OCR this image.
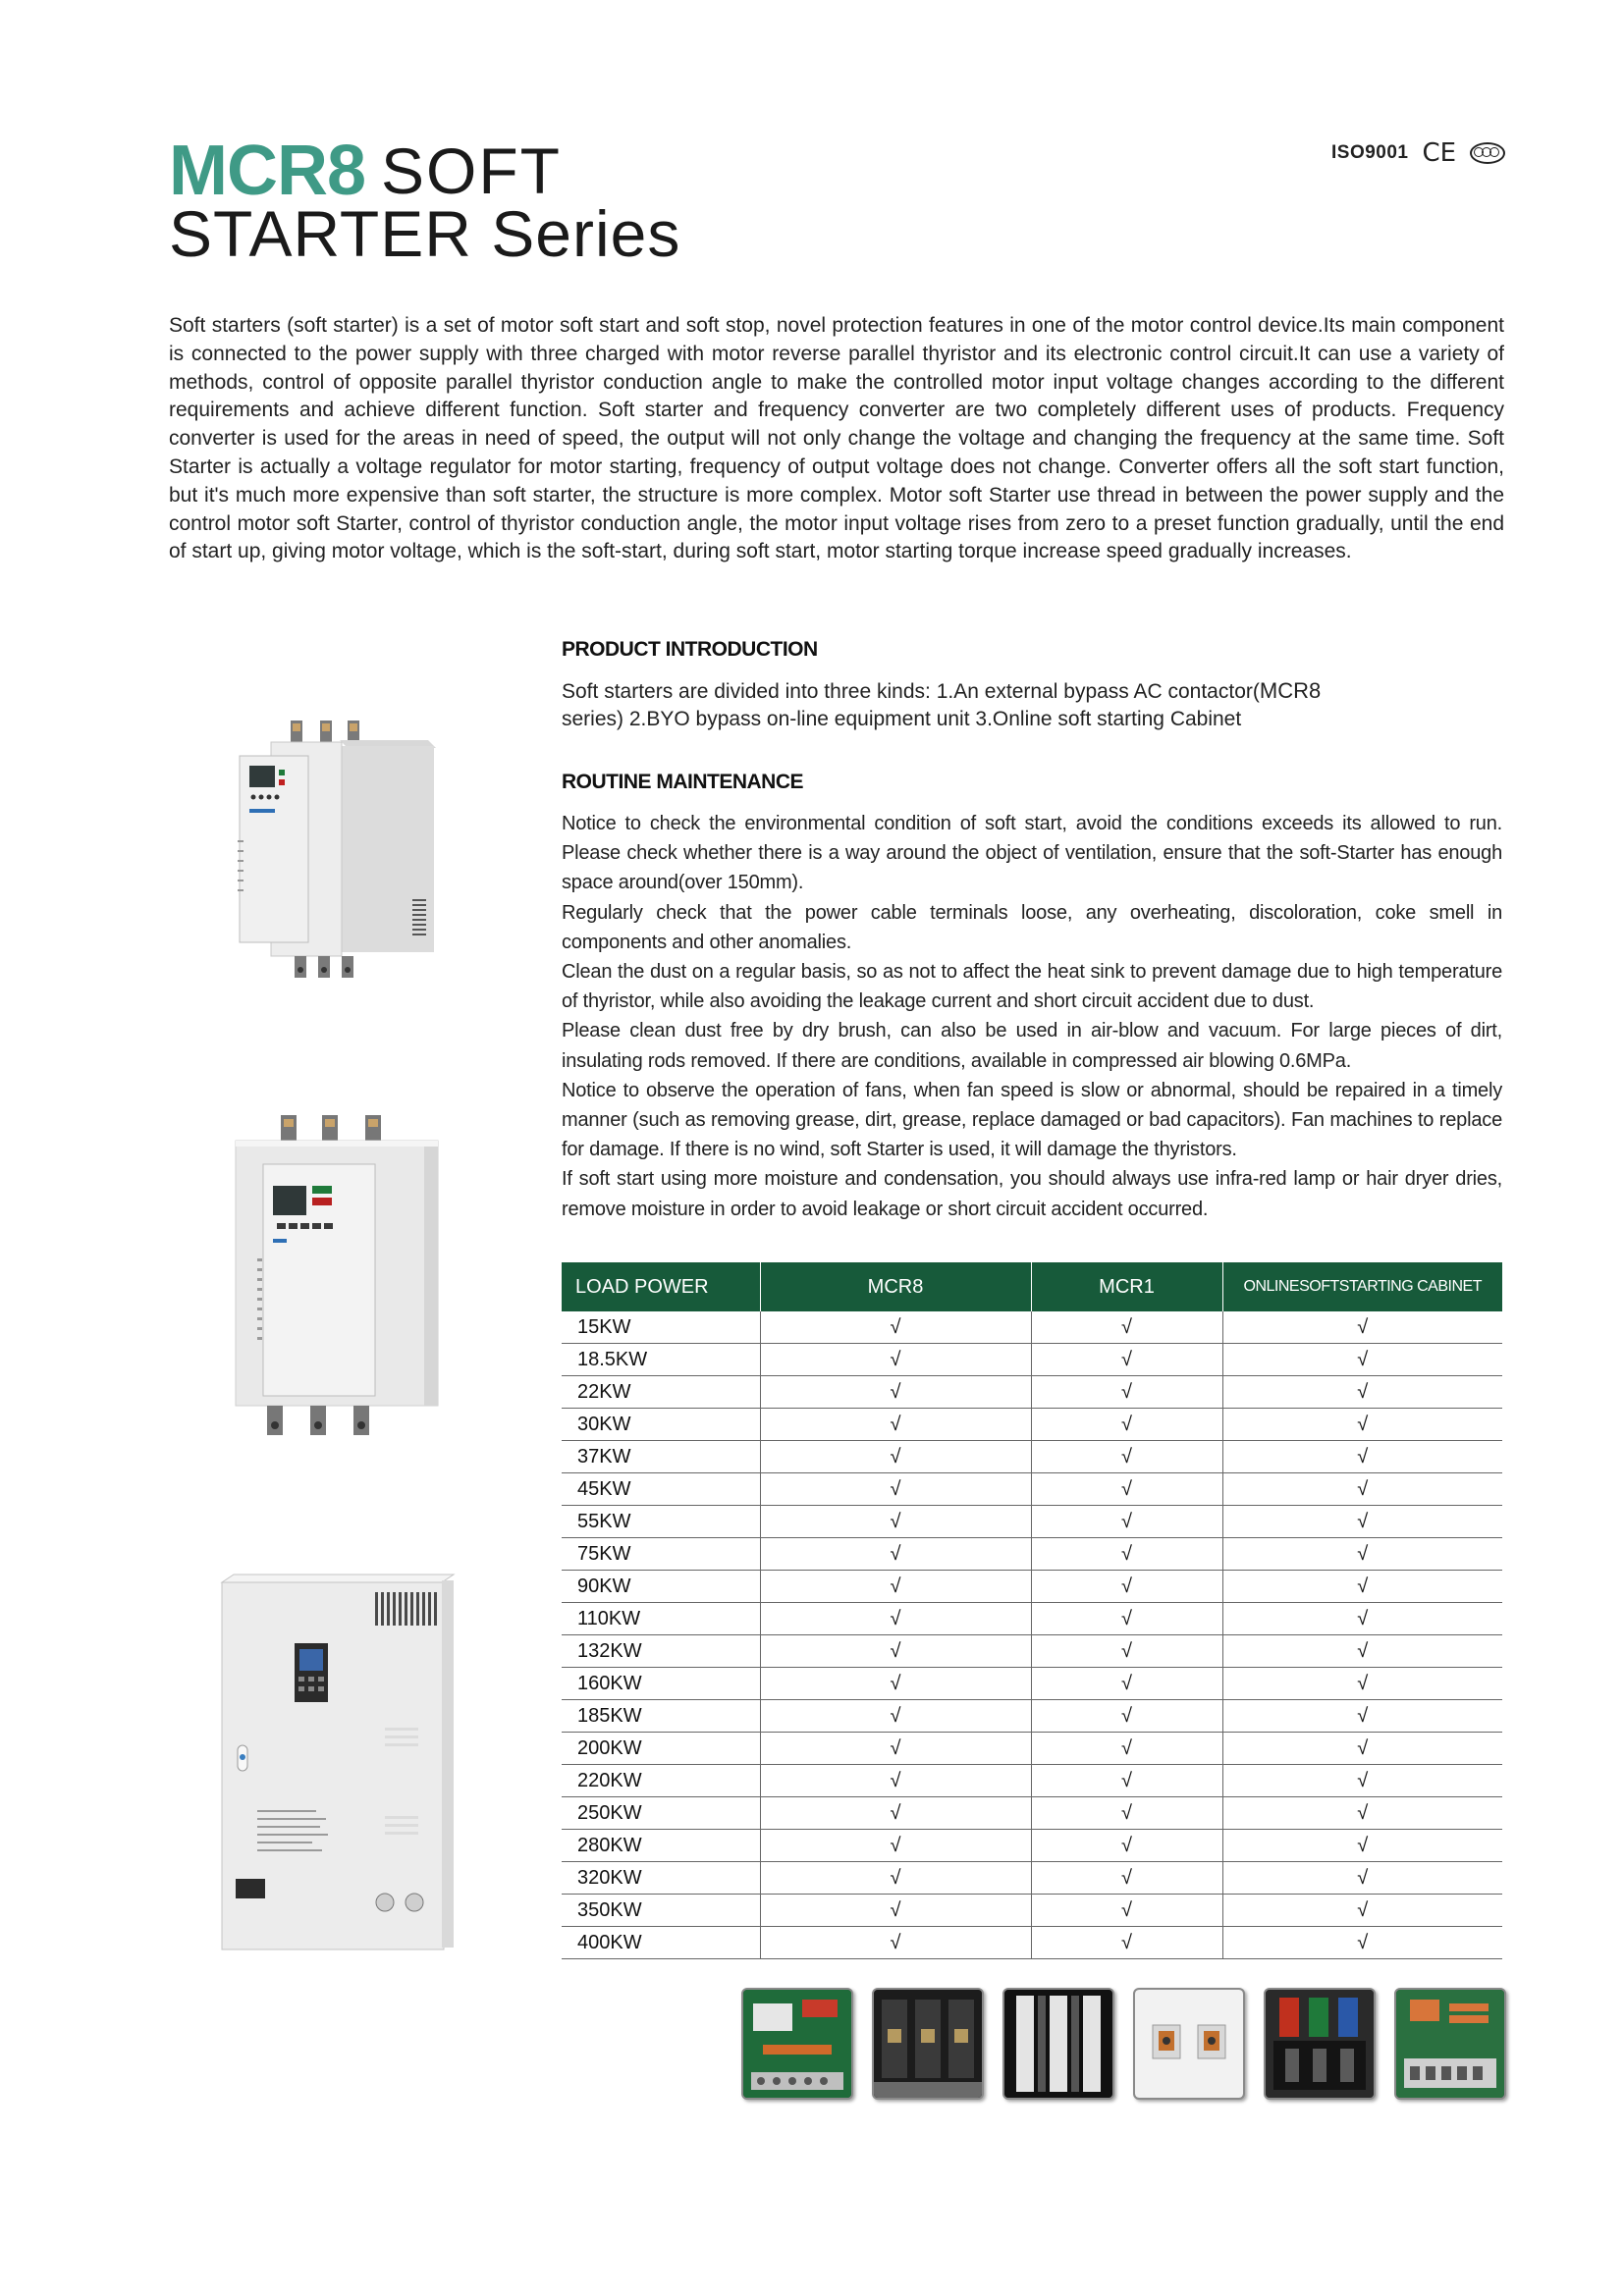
MCR8 SOFT
STARTER Series
ISO9001 CE

Soft starters (soft starter) is a set of motor soft start and soft stop, novel protection features in one of the motor control device.Its main component is connected to the power supply with three charged with motor reverse parallel thyristor and its electronic control circuit.It can use a variety of methods, control of opposite parallel thyristor conduction angle to make the controlled motor input voltage changes according to the different requirements and achieve different function. Soft starter and frequency converter are two completely different uses of products. Frequency converter is used for the areas in need of speed, the output will not only change the voltage and changing the frequency at the same time. Soft Starter is actually a voltage regulator for motor starting, frequency of output voltage does not change. Converter offers all the soft start function, but it's much more expensive than soft starter, the structure is more complex. Motor soft Starter use thread in between the power supply and the control motor soft Starter, control of thyristor conduction angle, the motor input voltage rises from zero to a preset function gradually, until the end of start up, giving motor voltage, which is the soft-start, during soft start, motor starting torque increase speed gradually increases.

PRODUCT INTRODUCTION

Soft starters are divided into three kinds: 1.An external bypass AC contactor(MCR8
series) 2.BYO bypass on-line equipment unit 3.Online soft starting Cabinet

ROUTINE MAINTENANCE

Notice to check the environmental condition of soft start, avoid the conditions exceeds its allowed to run. Please check whether there is a way around the object of ventilation, ensure that the soft-Starter has enough space around(over 150mm).

Regularly check that the power cable terminals loose, any overheating, discoloration, coke smell in components and other anomalies.

Clean the dust on a regular basis, so as not to affect the heat sink to prevent damage due to high temperature of thyristor, while also avoiding the leakage current and short circuit accident due to dust.

Please clean dust free by dry brush, can also be used in air-blow and vacuum. For large pieces of dirt, insulating rods removed. If there are conditions, available in compressed air blowing 0.6MPa.

Notice to observe the operation of fans, when fan speed is slow or abnormal, should be repaired in a timely manner (such as removing grease, dirt, grease, replace damaged or bad capacitors). Fan machines to replace for damage. If there is no wind, soft Starter is used, it will damage the thyristors.

If soft start using more moisture and condensation, you should always use infra-red lamp or hair dryer dries, remove moisture in order to avoid leakage or short circuit accident occurred.

LOAD POWER	MCR8	MCR1	ONLINESOFTSTARTING CABINET
15KW	√	√	√
18.5KW	√	√	√
22KW	√	√	√
30KW	√	√	√
37KW	√	√	√
45KW	√	√	√
55KW	√	√	√
75KW	√	√	√
90KW	√	√	√
110KW	√	√	√
132KW	√	√	√
160KW	√	√	√
185KW	√	√	√
200KW	√	√	√
220KW	√	√	√
250KW	√	√	√
280KW	√	√	√
320KW	√	√	√
350KW	√	√	√
400KW	√	√	√
